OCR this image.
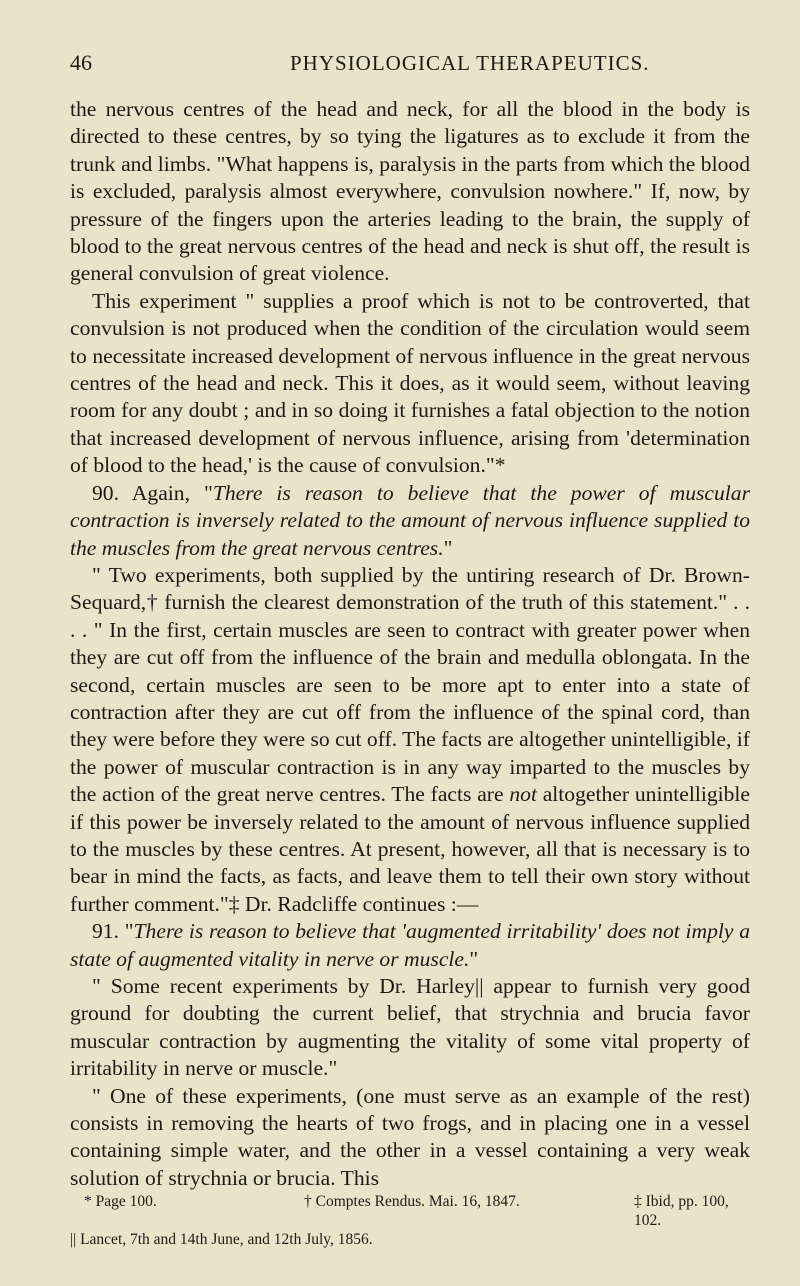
46	PHYSIOLOGICAL THERAPEUTICS.

the nervous centres of the head and neck, for all the blood in the body is directed to these centres, by so tying the ligatures as to exclude it from the trunk and limbs. "What happens is, paralysis in the parts from which the blood is excluded, paralysis almost everywhere, convulsion nowhere." If, now, by pressure of the fingers upon the arteries leading to the brain, the supply of blood to the great nervous centres of the head and neck is shut off, the result is general convulsion of great violence.

This experiment " supplies a proof which is not to be controverted, that convulsion is not produced when the condition of the circulation would seem to necessitate increased development of nervous influence in the great nervous centres of the head and neck. This it does, as it would seem, without leaving room for any doubt ; and in so doing it furnishes a fatal objection to the notion that increased development of nervous influence, arising from 'determination of blood to the head,' is the cause of convulsion."*

90. Again, "There is reason to believe that the power of muscular contraction is inversely related to the amount of nervous influence supplied to the muscles from the great nervous centres."

" Two experiments, both supplied by the untiring research of Dr. Brown-Sequard,† furnish the clearest demonstration of the truth of this statement." . . . . " In the first, certain muscles are seen to contract with greater power when they are cut off from the influence of the brain and medulla oblongata. In the second, certain muscles are seen to be more apt to enter into a state of contraction after they are cut off from the influence of the spinal cord, than they were before they were so cut off. The facts are altogether unintelligible, if the power of muscular contraction is in any way imparted to the muscles by the action of the great nerve centres. The facts are not altogether unintelligible if this power be inversely related to the amount of nervous influence supplied to the muscles by these centres. At present, however, all that is necessary is to bear in mind the facts, as facts, and leave them to tell their own story without further comment."‡ Dr. Radcliffe continues :—

91. "There is reason to believe that 'augmented irritability' does not imply a state of augmented vitality in nerve or muscle."

" Some recent experiments by Dr. Harley|| appear to furnish very good ground for doubting the current belief, that strychnia and brucia favor muscular contraction by augmenting the vitality of some vital property of irritability in nerve or muscle."

" One of these experiments, (one must serve as an example of the rest) consists in removing the hearts of two frogs, and in placing one in a vessel containing simple water, and the other in a vessel containing a very weak solution of strychnia or brucia. This

* Page 100.	† Comptes Rendus. Mai. 16, 1847.	‡ Ibid, pp. 100, 102.
|| Lancet, 7th and 14th June, and 12th July, 1856.
